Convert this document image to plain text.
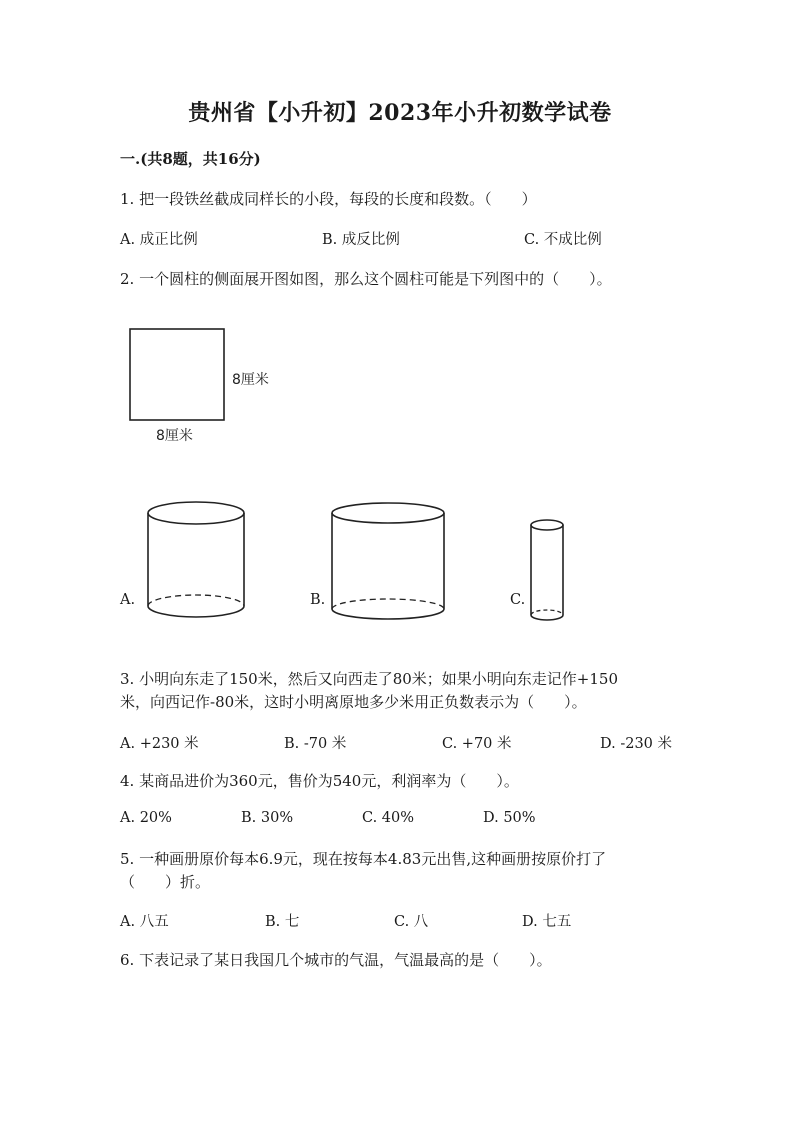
贵州省【小升初】2023年小升初数学试卷
一.(共8题，共16分)
1. 把一段铁丝截成同样长的小段，每段的长度和段数。（　　）
A. 成正比例	B. 成反比例	C. 不成比例
2. 一个圆柱的侧面展开图如图，那么这个圆柱可能是下列图中的（　　）。
8厘米
8厘米
A.	B.	C.
3. 小明向东走了150米，然后又向西走了80米；如果小明向东走记作+150
米，向西记作-80米，这时小明离原地多少米用正负数表示为（　　）。
A. +230 米	B. -70 米	C. +70 米	D. -230 米
4. 某商品进价为360元，售价为540元，利润率为（　　）。
A. 20%	B. 30%	C. 40%	D. 50%
5. 一种画册原价每本6.9元，现在按每本4.83元出售,这种画册按原价打了
（　　）折。
A. 八五	B. 七	C. 八	D. 七五
6. 下表记录了某日我国几个城市的气温，气温最高的是（　　）。
